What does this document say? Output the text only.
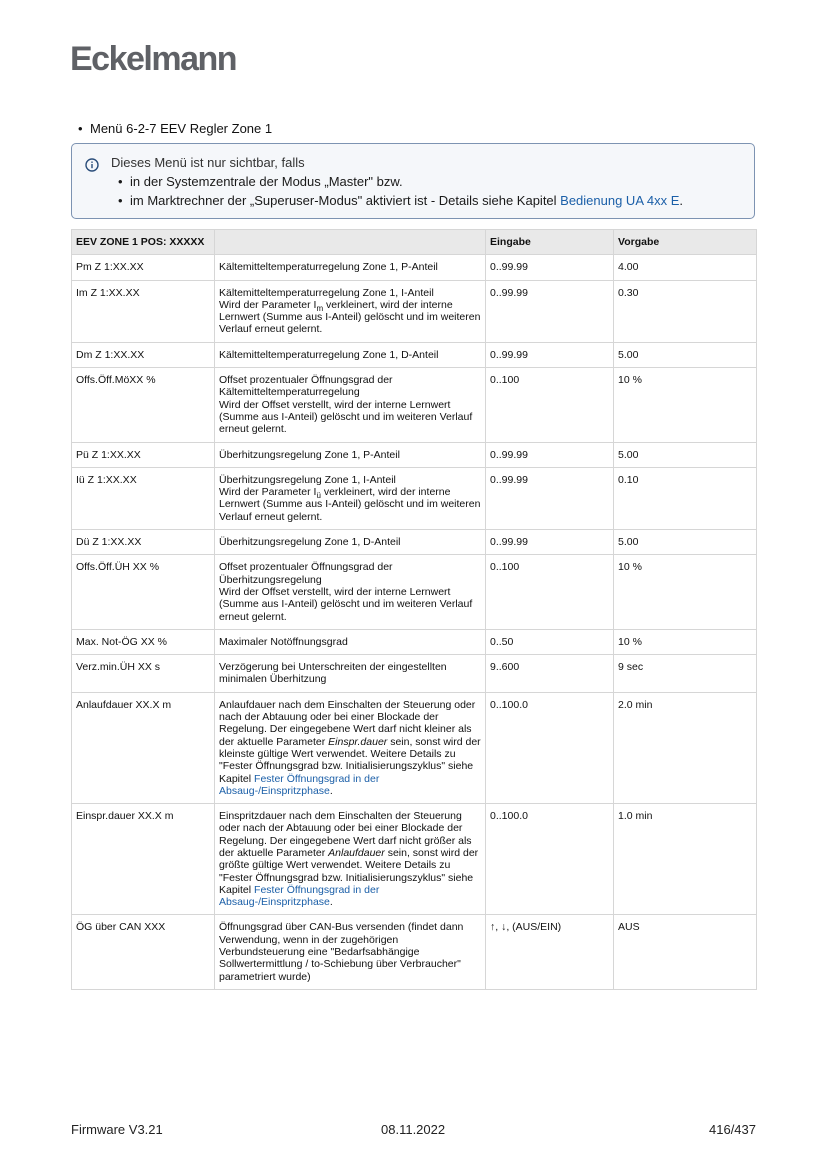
Eckelmann
• Menü 6-2-7 EEV Regler Zone 1
Dieses Menü ist nur sichtbar, falls
• in der Systemzentrale der Modus „Master" bzw.
• im Marktrechner der „Superuser-Modus" aktiviert ist - Details siehe Kapitel Bedienung UA 4xx E.
EEV ZONE 1 POS: XXXXX		Eingabe	Vorgabe
Pm Z 1:XX.XX	Kältemitteltemperaturregelung Zone 1, P-Anteil	0..99.99	4.00
Im Z 1:XX.XX	Kältemitteltemperaturregelung Zone 1, I-Anteil
Wird der Parameter $I_m$ verkleinert, wird der interne Lernwert (Summe aus I-Anteil) gelöscht und im weiteren Verlauf erneut gelernt.	0..99.99	0.30
Dm Z 1:XX.XX	Kältemitteltemperaturregelung Zone 1, D-Anteil	0..99.99	5.00
Offs.Öff.MöXX %	Offset prozentualer Öffnungsgrad der Kältemitteltemperaturregelung
Wird der Offset verstellt, wird der interne Lernwert (Summe aus I-Anteil) gelöscht und im weiteren Verlauf erneut gelernt.	0..100	10 %
Pü Z 1:XX.XX	Überhitzungsregelung Zone 1, P-Anteil	0..99.99	5.00
Iü Z 1:XX.XX	Überhitzungsregelung Zone 1, I-Anteil
Wird der Parameter $I_ü$ verkleinert, wird der interne Lernwert (Summe aus I-Anteil) gelöscht und im weiteren Verlauf erneut gelernt.	0..99.99	0.10
Dü Z 1:XX.XX	Überhitzungsregelung Zone 1, D-Anteil	0..99.99	5.00
Offs.Öff.ÜH XX %	Offset prozentualer Öffnungsgrad der Überhitzungsregelung
Wird der Offset verstellt, wird der interne Lernwert (Summe aus I-Anteil) gelöscht und im weiteren Verlauf erneut gelernt.	0..100	10 %
Max. Not-ÖG XX %	Maximaler Notöffnungsgrad	0..50	10 %
Verz.min.ÜH XX s	Verzögerung bei Unterschreiten der eingestellten minimalen Überhitzung	9..600	9 sec
Anlaufdauer XX.X m	Anlaufdauer nach dem Einschalten der Steuerung oder nach der Abtauung oder bei einer Blockade der Regelung. Der eingegebene Wert darf nicht kleiner als der aktuelle Parameter Einspr.dauer sein, sonst wird der kleinste gültige Wert verwendet. Weitere Details zu "Fester Öffnungsgrad bzw. Initialisierungszyklus" siehe Kapitel Fester Öffnungsgrad in der Absaug-/Einspritzphase.	0..100.0	2.0 min
Einspr.dauer XX.X m	Einspritzdauer nach dem Einschalten der Steuerung oder nach der Abtauung oder bei einer Blockade der Regelung. Der eingegebene Wert darf nicht größer als der aktuelle Parameter Anlaufdauer sein, sonst wird der größte gültige Wert verwendet. Weitere Details zu "Fester Öffnungsgrad bzw. Initialisierungszyklus" siehe Kapitel Fester Öffnungsgrad in der Absaug-/Einspritzphase.	0..100.0	1.0 min
ÖG über CAN XXX	Öffnungsgrad über CAN-Bus versenden (findet dann Verwendung, wenn in der zugehörigen Verbundsteuerung eine "Bedarfsabhängige Sollwertermittlung / to-Schiebung über Verbraucher" parametriert wurde)	↑, ↓, (AUS/EIN)	AUS
Firmware V3.21	08.11.2022	416/437
